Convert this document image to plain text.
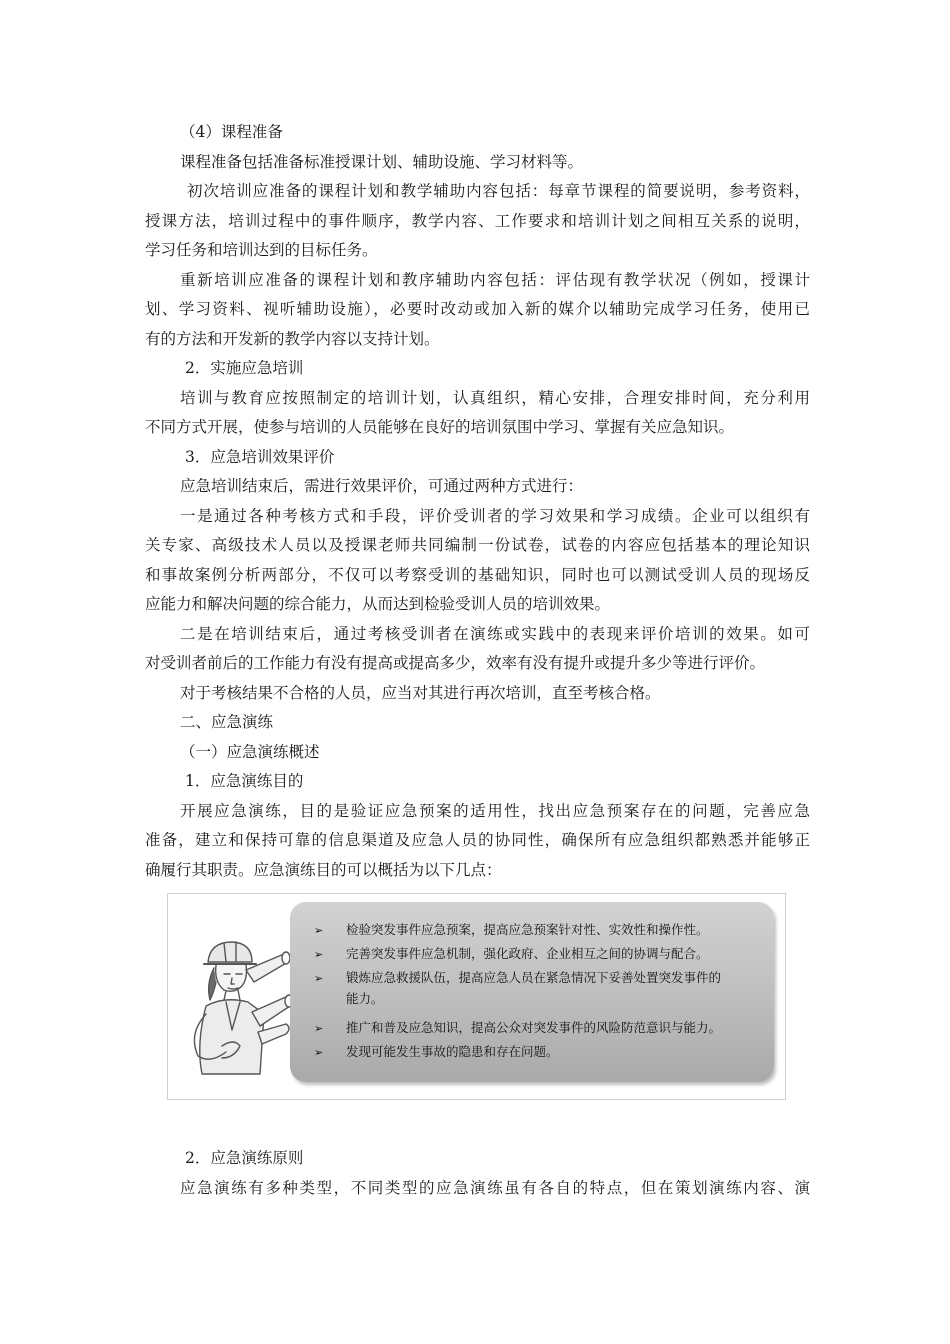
（4）课程准备
课程准备包括准备标准授课计划、辅助设施、学习材料等。
初次培训应准备的课程计划和教学辅助内容包括：每章节课程的简要说明，参考资料，
授课方法，培训过程中的事件顺序，教学内容、工作要求和培训计划之间相互关系的说明，
学习任务和培训达到的目标任务。
重新培训应准备的课程计划和教序辅助内容包括：评估现有教学状况（例如，授课计
划、学习资料、视听辅助设施），必要时改动或加入新的媒介以辅助完成学习任务，使用已
有的方法和开发新的教学内容以支持计划。
2．实施应急培训
培训与教育应按照制定的培训计划，认真组织，精心安排，合理安排时间，充分利用
不同方式开展，使参与培训的人员能够在良好的培训氛围中学习、掌握有关应急知识。
3．应急培训效果评价
应急培训结束后，需进行效果评价，可通过两种方式进行：
一是通过各种考核方式和手段，评价受训者的学习效果和学习成绩。企业可以组织有
关专家、高级技术人员以及授课老师共同编制一份试卷，试卷的内容应包括基本的理论知识
和事故案例分析两部分，不仅可以考察受训的基础知识，同时也可以测试受训人员的现场反
应能力和解决问题的综合能力，从而达到检验受训人员的培训效果。
二是在培训结束后，通过考核受训者在演练或实践中的表现来评价培训的效果。如可
对受训者前后的工作能力有没有提高或提高多少，效率有没有提升或提升多少等进行评价。
对于考核结果不合格的人员，应当对其进行再次培训，直至考核合格。
二、应急演练
（一）应急演练概述
1．应急演练目的
开展应急演练，目的是验证应急预案的适用性，找出应急预案存在的问题，完善应急
准备，建立和保持可靠的信息渠道及应急人员的协同性，确保所有应急组织都熟悉并能够正
确履行其职责。应急演练目的可以概括为以下几点：
➢ 检验突发事件应急预案，提高应急预案针对性、实效性和操作性。
➢ 完善突发事件应急机制，强化政府、企业相互之间的协调与配合。
➢ 锻炼应急救援队伍，提高应急人员在紧急情况下妥善处置突发事件的
能力。
➢ 推广和普及应急知识，提高公众对突发事件的风险防范意识与能力。
➢ 发现可能发生事故的隐患和存在问题。
2．应急演练原则
应急演练有多种类型，不同类型的应急演练虽有各自的特点，但在策划演练内容、演
